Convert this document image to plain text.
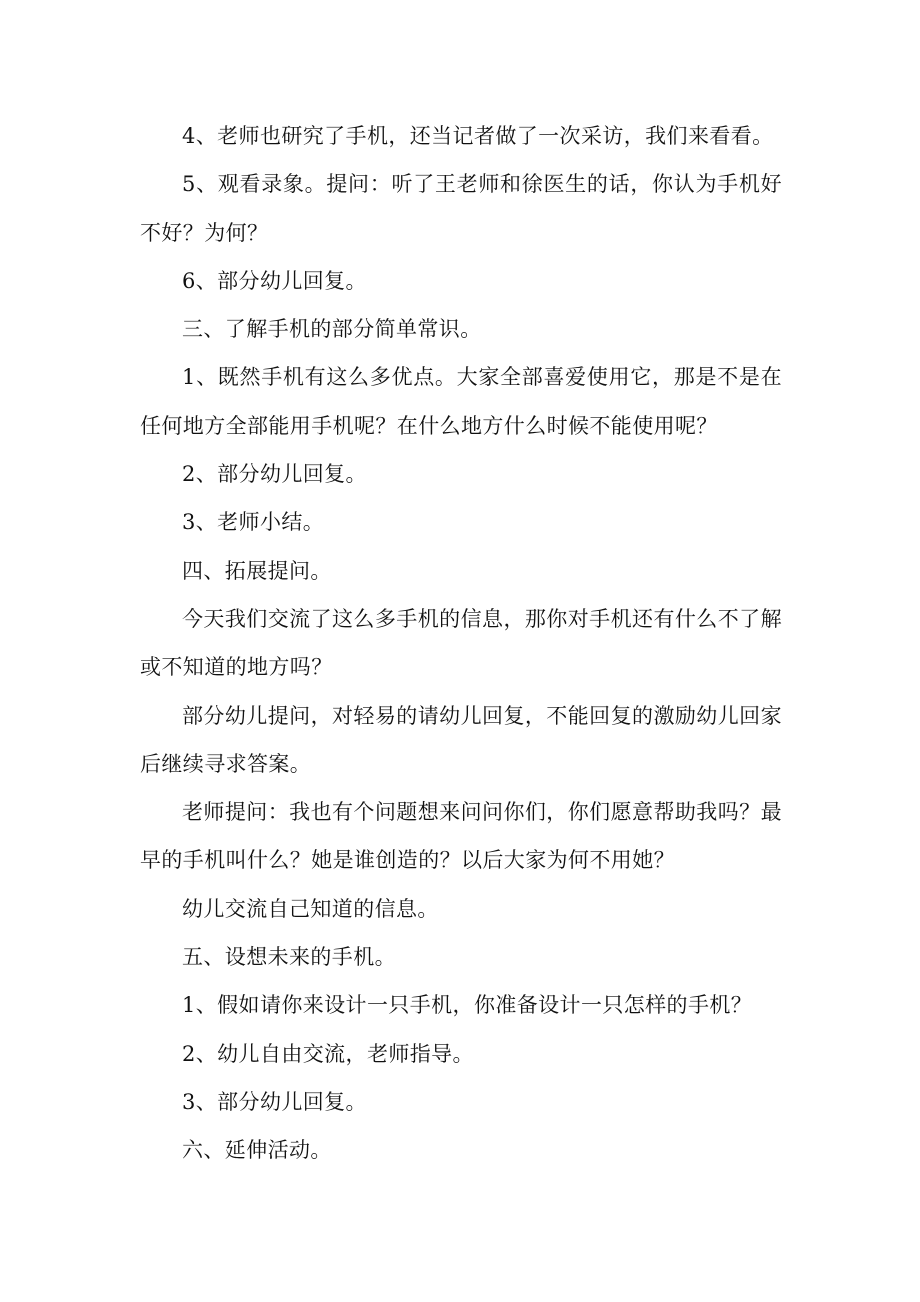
4、老师也研究了手机，还当记者做了一次采访，我们来看看。

5、观看录象。提问：听了王老师和徐医生的话，你认为手机好不好？为何？

6、部分幼儿回复。

三、了解手机的部分简单常识。

1、既然手机有这么多优点。大家全部喜爱使用它，那是不是在任何地方全部能用手机呢？在什么地方什么时候不能使用呢？

2、部分幼儿回复。

3、老师小结。

四、拓展提问。

今天我们交流了这么多手机的信息，那你对手机还有什么不了解或不知道的地方吗？

部分幼儿提问，对轻易的请幼儿回复，不能回复的激励幼儿回家后继续寻求答案。

老师提问：我也有个问题想来问问你们，你们愿意帮助我吗？最早的手机叫什么？她是谁创造的？以后大家为何不用她？

幼儿交流自己知道的信息。

五、设想未来的手机。

1、假如请你来设计一只手机，你准备设计一只怎样的手机？

2、幼儿自由交流，老师指导。

3、部分幼儿回复。

六、延伸活动。
